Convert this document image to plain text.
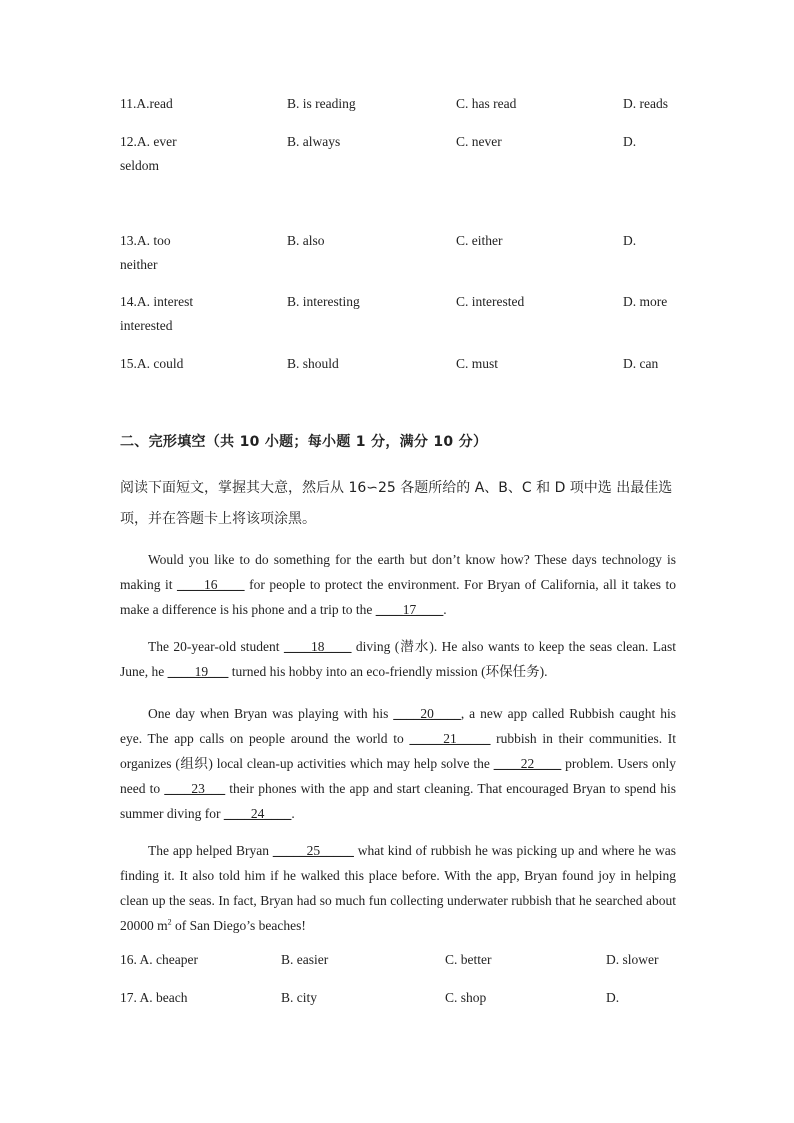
11.A.read	B. is reading	C. has read	D. reads
12.A. ever	B. always	C. never	D.
seldom
13.A. too	B. also	C. either	D.
neither
14.A. interest	B. interesting	C. interested	D. more
interested
15.A. could	B. should	C. must	D. can
二、完形填空（共 10 小题；每小题 1 分，满分 10 分）
阅读下面短文，掌握其大意，然后从 16∽25 各题所给的 A、B、C 和 D 项中选 出最佳选
项，并在答题卡上将该项涂黑。
Would you like to do something for the earth but don’t know how? These days technology is making it ____16____ for people to protect the environment. For Bryan of California, all it takes to make a difference is his phone and a trip to the ____17____.
The 20-year-old student ____18____ diving (潜水). He also wants to keep the seas clean. Last June, he ____19___ turned his hobby into an eco-friendly mission (环保任务).
One day when Bryan was playing with his ____20____, a new app called Rubbish caught his eye. The app calls on people around the world to _____21_____ rubbish in their communities. It organizes (组织) local clean-up activities which may help solve the ____22____ problem. Users only need to ____23___ their phones with the app and start cleaning. That encouraged Bryan to spend his summer diving for ____24____.
The app helped Bryan _____25_____ what kind of rubbish he was picking up and where he was finding it. It also told him if he walked this place before. With the app, Bryan found joy in helping clean up the seas. In fact, Bryan had so much fun collecting underwater rubbish that he searched about 20000 $m^2$ of San Diego’s beaches!
16. A. cheaper	B. easier	C. better	D. slower
17. A. beach	B. city	C. shop	D.
